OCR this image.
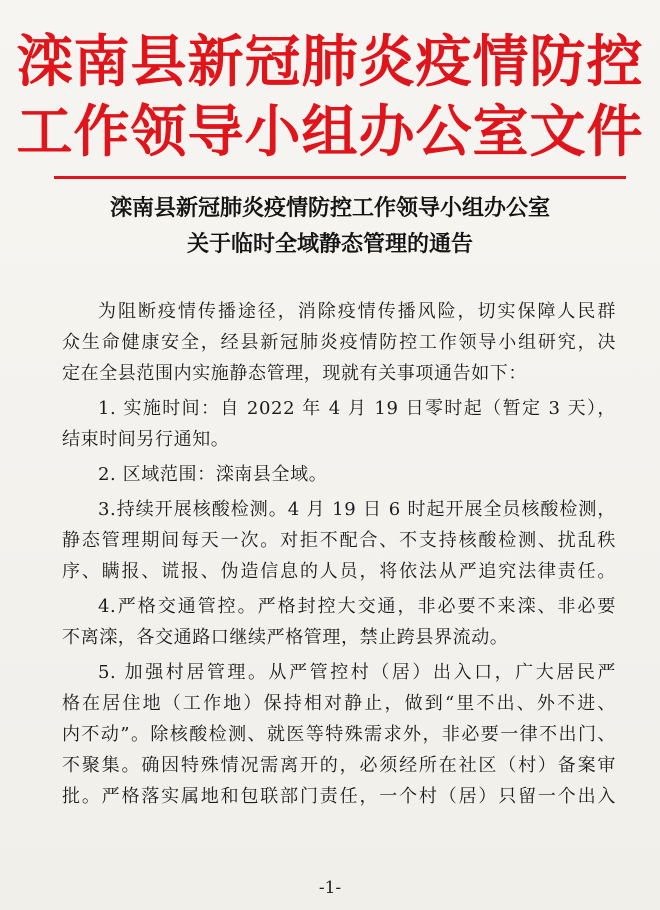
滦南县新冠肺炎疫情防控
工作领导小组办公室文件
滦南县新冠肺炎疫情防控工作领导小组办公室
关于临时全域静态管理的通告

为阻断疫情传播途径，消除疫情传播风险，切实保障人民群
众生命健康安全，经县新冠肺炎疫情防控工作领导小组研究，决
定在全县范围内实施静态管理，现就有关事项通告如下：

1. 实施时间：自 2022 年 4 月 19 日零时起（暂定 3 天），
结束时间另行通知。

2. 区域范围：滦南县全域。

3.持续开展核酸检测。4 月 19 日 6 时起开展全员核酸检测，
静态管理期间每天一次。对拒不配合、不支持核酸检测、扰乱秩
序、瞒报、谎报、伪造信息的人员，将依法从严追究法律责任。

4.严格交通管控。严格封控大交通，非必要不来滦、非必要
不离滦，各交通路口继续严格管理，禁止跨县界流动。

5. 加强村居管理。从严管控村（居）出入口，广大居民严
格在居住地（工作地）保持相对静止，做到“里不出、外不进、
内不动”。除核酸检测、就医等特殊需求外，非必要一律不出门、
不聚集。确因特殊情况需离开的，必须经所在社区（村）备案审
批。严格落实属地和包联部门责任，一个村（居）只留一个出入

-1-
